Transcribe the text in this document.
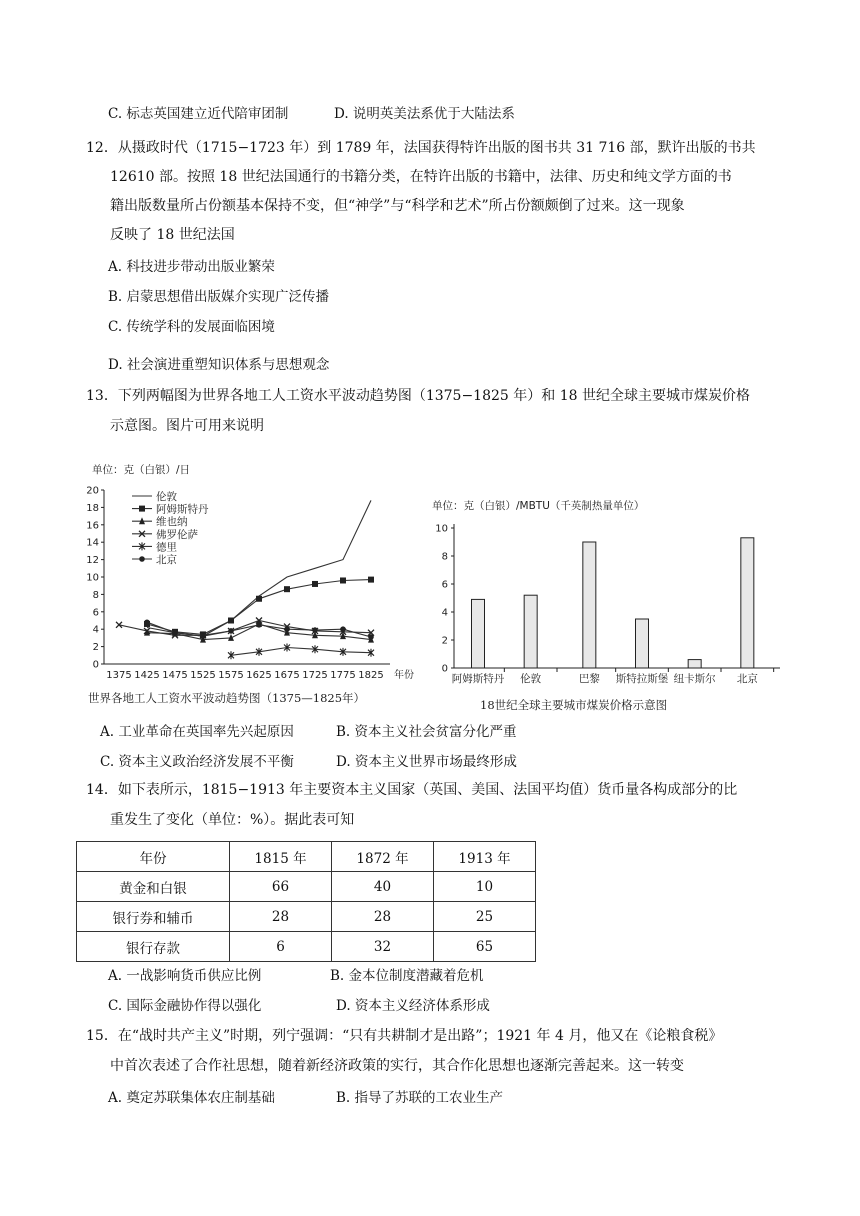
C. 标志英国建立近代陪审团制	D. 说明英美法系优于大陆法系
12．从摄政时代（1715−1723 年）到 1789 年，法国获得特许出版的图书共 31 716 部，默许出版的书共
12610 部。按照 18 世纪法国通行的书籍分类，在特许出版的书籍中，法律、历史和纯文学方面的书
籍出版数量所占份额基本保持不变，但“神学”与“科学和艺术”所占份额颇倒了过来。这一现象
反映了 18 世纪法国
A. 科技进步带动出版业繁荣
B. 启蒙思想借出版媒介实现广泛传播
C. 传统学科的发展面临困境
D. 社会演进重塑知识体系与思想观念
13．下列两幅图为世界各地工人工资水平波动趋势图（1375−1825 年）和 18 世纪全球主要城市煤炭价格
示意图。图片可用来说明
单位：克（白银）/日
0
2
4
6
8
10
12
14
16
18
20
1375 1425 1475 1525 1575 1625 1675 1725 1775 1825 年份
伦敦
阿姆斯特丹
维也纳
佛罗伦萨
德里
北京
世界各地工人工资水平波动趋势图（1375—1825年）
单位：克（白银）/MBTU（千英制热量单位）
0
2
4
6
8
10
阿姆斯特丹 伦敦	巴黎 斯特拉斯堡 纽卡斯尔 北京
18世纪全球主要城市煤炭价格示意图
A. 工业革命在英国率先兴起原因	B. 资本主义社会贫富分化严重
C. 资本主义政治经济发展不平衡	D. 资本主义世界市场最终形成
14．如下表所示，1815−1913 年主要资本主义国家（英国、美国、法国平均值）货币量各构成部分的比
重发生了变化（单位：%）。据此表可知
年份	1815 年	1872 年	1913 年
黄金和白银	66	40	10
银行券和辅币	28	28	25
银行存款	6	32	65
A. 一战影响货币供应比例	B. 金本位制度潜藏着危机
C. 国际金融协作得以强化	D. 资本主义经济体系形成
15．在“战时共产主义”时期，列宁强调：“只有共耕制才是出路”；1921 年 4 月，他又在《论粮食税》
中首次表述了合作社思想，随着新经济政策的实行，其合作化思想也逐渐完善起来。这一转变
A. 奠定苏联集体农庄制基础	B. 指导了苏联的工农业生产
